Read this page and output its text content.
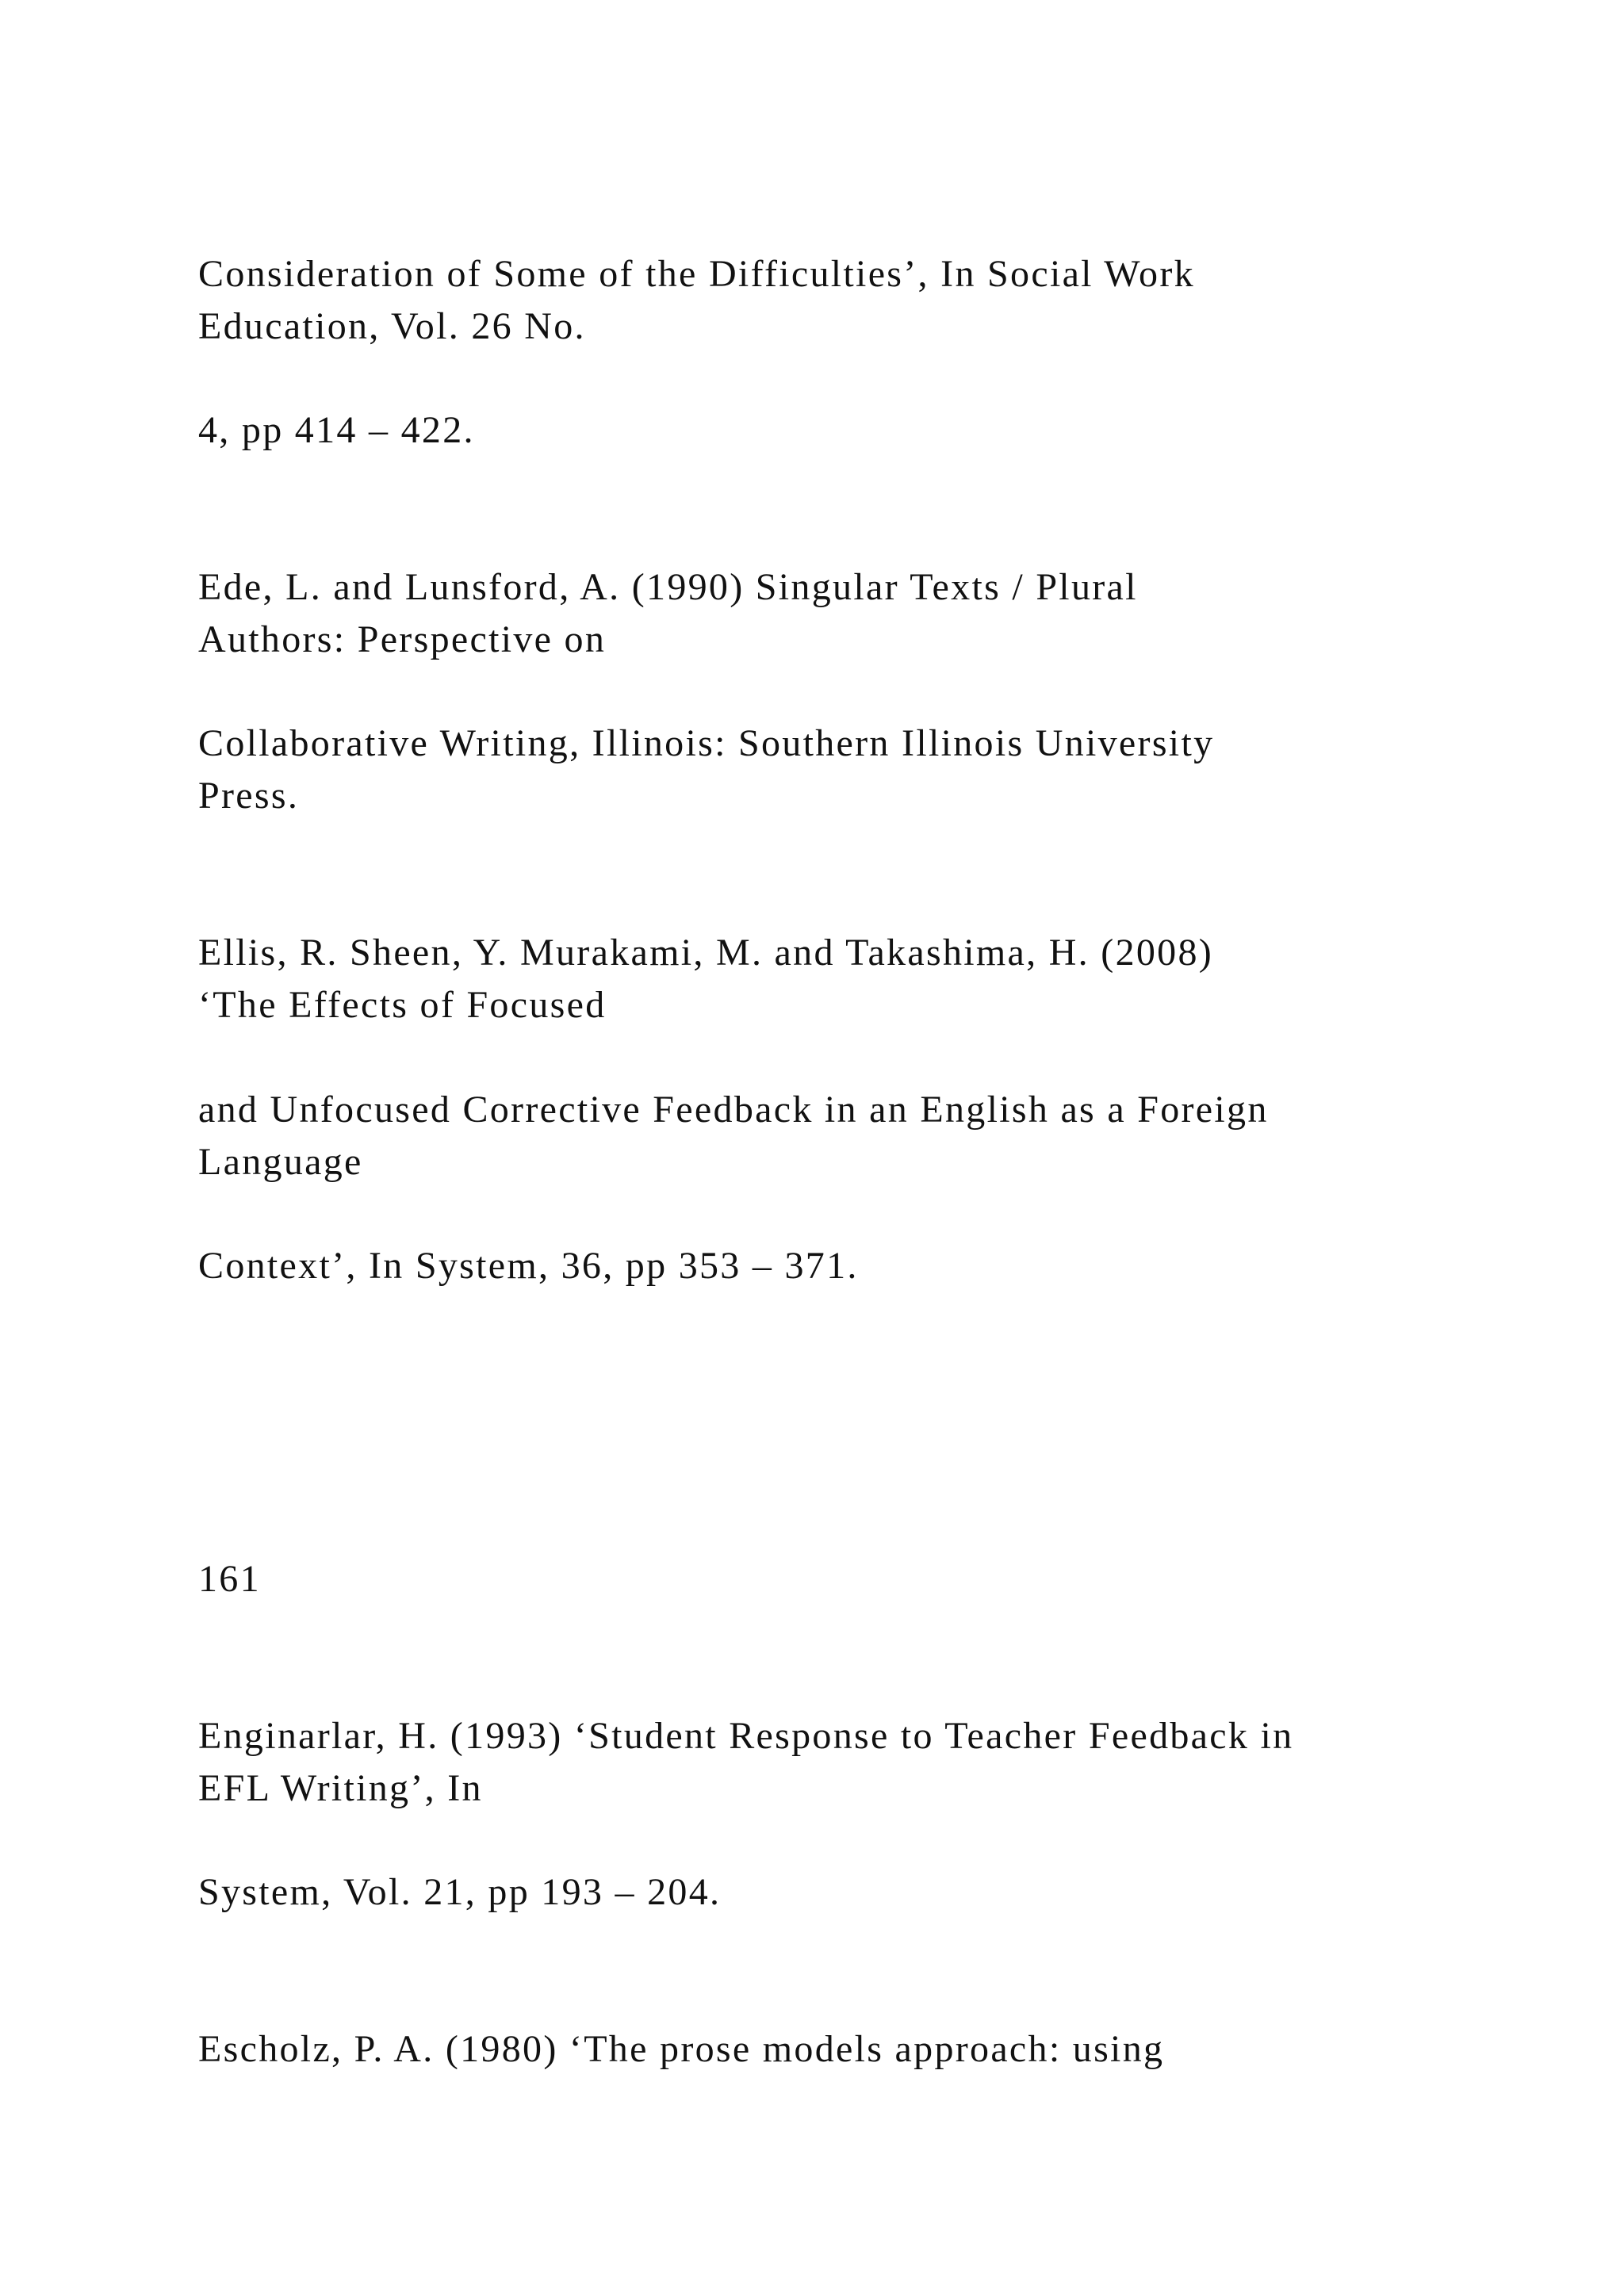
Consideration of Some of the Difficulties’, In Social Work

Education, Vol. 26 No.

4, pp 414 – 422.

Ede, L. and Lunsford, A. (1990) Singular Texts / Plural

Authors: Perspective on

Collaborative Writing, Illinois: Southern Illinois University

Press.

Ellis, R. Sheen, Y. Murakami, M. and Takashima, H. (2008)

‘The Effects of Focused

and Unfocused Corrective Feedback in an English as a Foreign

Language

Context’, In System, 36, pp 353 – 371.

161

Enginarlar, H. (1993) ‘Student Response to Teacher Feedback in

EFL Writing’, In

System, Vol. 21, pp 193 – 204.

Escholz, P. A. (1980) ‘The prose models approach: using
